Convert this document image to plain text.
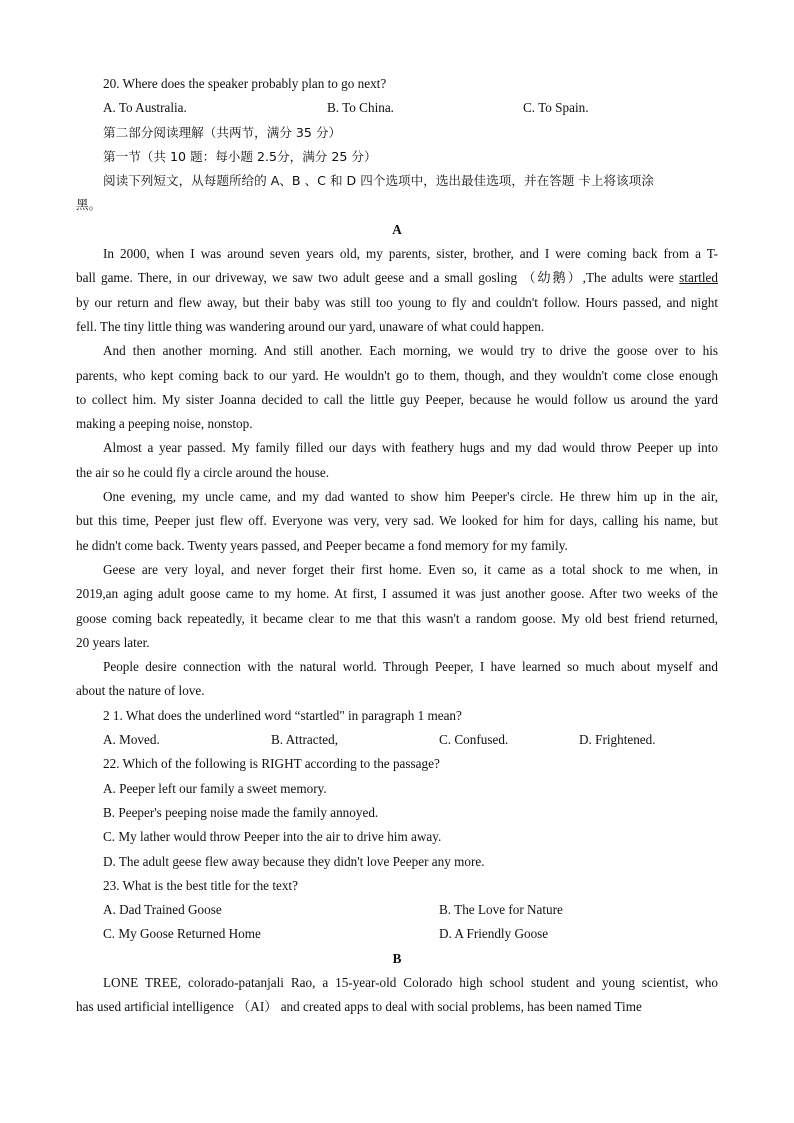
20. Where does the speaker probably plan to go next?
A. To Australia.	B. To China.	C. To Spain.
第二部分阅读理解（共两节，满分 35 分）
第一节（共 10 题：每小题 2.5分，满分 25 分）
阅读下列短文，从每题所给的 A、B 、C 和 D 四个选项中，选出最佳选项，并在答题 卡上将该项涂
黑。
A
In 2000, when I was around seven years old, my parents, sister, brother, and I were coming back from a T-
ball game. There, in our driveway, we saw two adult geese and a small gosling （幼鹅）,The adults were startled
by our return and flew away, but their baby was still too young to fly and couldn't follow. Hours passed, and night
fell. The tiny little thing was wandering around our yard, unaware of what could happen.
And then another morning. And still another. Each morning, we would try to drive the goose over to his
parents, who kept coming back to our yard. He wouldn't go to them, though, and they wouldn't come close enough
to collect him. My sister Joanna decided to call the little guy Peeper, because he would follow us around the yard
making a peeping noise, nonstop.
Almost a year passed. My family filled our days with feathery hugs and my dad would throw Peeper up into
the air so he could fly a circle around the house.
One evening, my uncle came, and my dad wanted to show him Peeper's circle. He threw him up in the air,
but this time, Peeper just flew off. Everyone was very, very sad. We looked for him for days, calling his name, but
he didn't come back. Twenty years passed, and Peeper became a fond memory for my family.
Geese are very loyal, and never forget their first home. Even so, it came as a total shock to me when, in
2019,an aging adult goose came to my home. At first, I assumed it was just another goose. After two weeks of the
goose coming back repeatedly, it became clear to me that this wasn't a random goose. My old best friend returned,
20 years later.
People desire connection with the natural world. Through Peeper, I have learned so much about myself and
about the nature of love.
2 1. What does the underlined word “startled" in paragraph 1 mean?
A. Moved.	B. Attracted,	C. Confused.	D. Frightened.
22. Which of the following is RIGHT according to the passage?
A. Peeper left our family a sweet memory.
B. Peeper's peeping noise made the family annoyed.
C. My lather would throw Peeper into the air to drive him away.
D. The adult geese flew away because they didn't love Peeper any more.
23. What is the best title for the text?
A. Dad Trained Goose	B. The Love for Nature
C. My Goose Returned Home	D. A Friendly Goose
B
LONE TREE, colorado-patanjali Rao, a 15-year-old Colorado high school student and young scientist, who
has used artificial intelligence （AI） and created apps to deal with social problems, has been named Time
